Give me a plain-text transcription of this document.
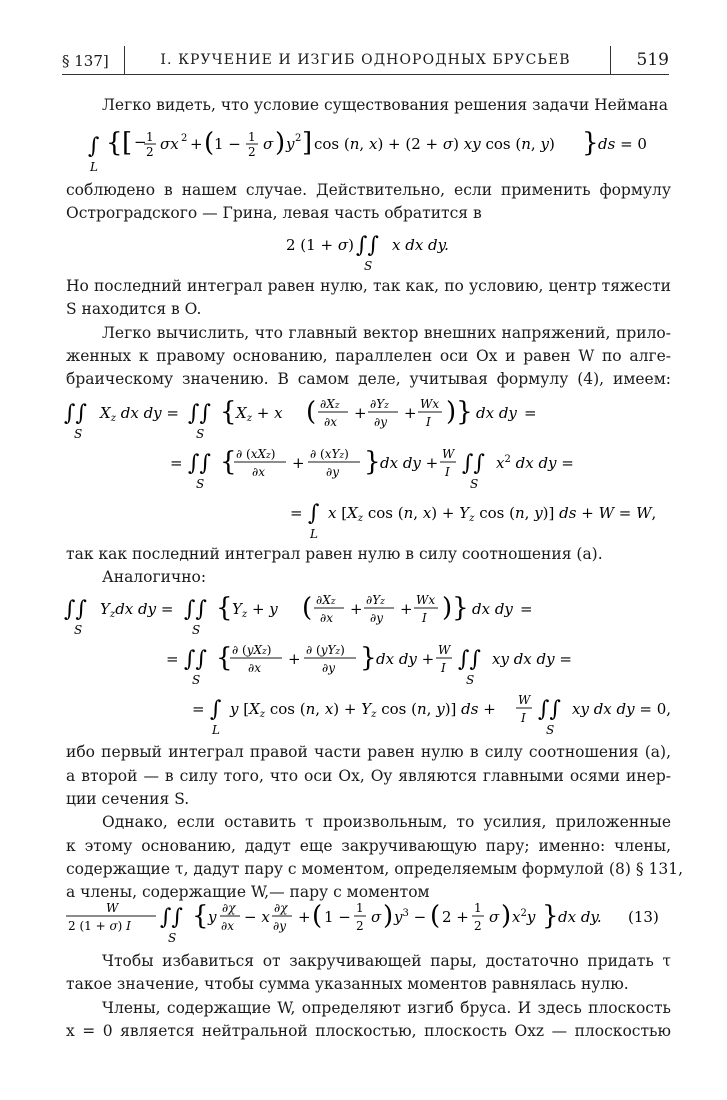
§ 137]	I. КРУЧЕНИЕ И ИЗГИБ ОДНОРОДНЫХ БРУСЬЕВ	519
Легко видеть, что условие существования решения задачи Неймана
∫
L
{ [ − 1
2 σx 2 + ( 1 − 1
2 σ ) y 2 ] cos (n, x) + (2 + σ) xy cos (n, y) } ds = 0
соблюдено в нашем случае. Действительно, если применить формулу
Остроградского — Грина, левая часть обратится в
2 (1 + σ) ∫∫
S
x dx dy.
Но последний интеграл равен нулю, так как, по условию, центр тяжести
S находится в O.
Легко вычислить, что главный вектор внешних напряжений, прило-
женных к правому основанию, параллелен оси Ox и равен W по алге-
браическому значению. В самом деле, учитывая формулу (4), имеем:
∫∫
S
$X_z$ dx dy = ∫∫
S
{ $X_z + x$ ( ∂Xz
∂x + ∂Yz
∂y + Wx
I )} dx dy =
= ∫∫
S
{ ∂ (xXz)
∂x + ∂ (xYz)
∂y } dx dy + W
I ∫∫
S
$x^2$ dx dy =
= ∫
L
x [$X_z$ cos (n, $x) + Y_z$ cos (n, y)] ds + W = W,
так как последний интеграл равен нулю в силу соотношения (а).
Аналогично:
∫∫
S
$Y_zdx$ dy = ∫∫
S
{ $Y_z + y$ ( ∂Xz
∂x + ∂Yz
∂y + Wx
I )} dx dy =
= ∫∫
S
{ ∂ (yXz)
∂x + ∂ (yYz)
∂y } dx dy + W
I ∫∫
S
xy dx dy =
= ∫
L
y [$X_z$ cos (n, $x) + Y_z$ cos (n, y)] ds + W
I ∫∫
S
xy dx dy = 0,
ибо первый интеграл правой части равен нулю в силу соотношения (а),
а второй — в силу того, что оси Ox, Oy являются главными осями инер-
ции сечения S.
Однако, если оставить τ произвольным, то усилия, приложенные
к этому основанию, дадут еще закручивающую пару; именно: члены,
содержащие τ, дадут пару с моментом, определяемым формулой (8) § 131,
а члены, содержащие W,— пару с моментом
W
2 (1 + σ) I ∫∫
S
{ y ∂χ
∂x − x ∂χ
∂y + ( 1 − 1
2 σ ) $y^3$ − ( 2 + 1
2 σ ) $x^2y$ } dx dy. (13)
Чтобы избавиться от закручивающей пары, достаточно придать τ
такое значение, чтобы сумма указанных моментов равнялась нулю.
Члены, содержащие W, определяют изгиб бруса. И здесь плоскость
x = 0 является нейтральной плоскостью, плоскость Oxz — плоскостью
